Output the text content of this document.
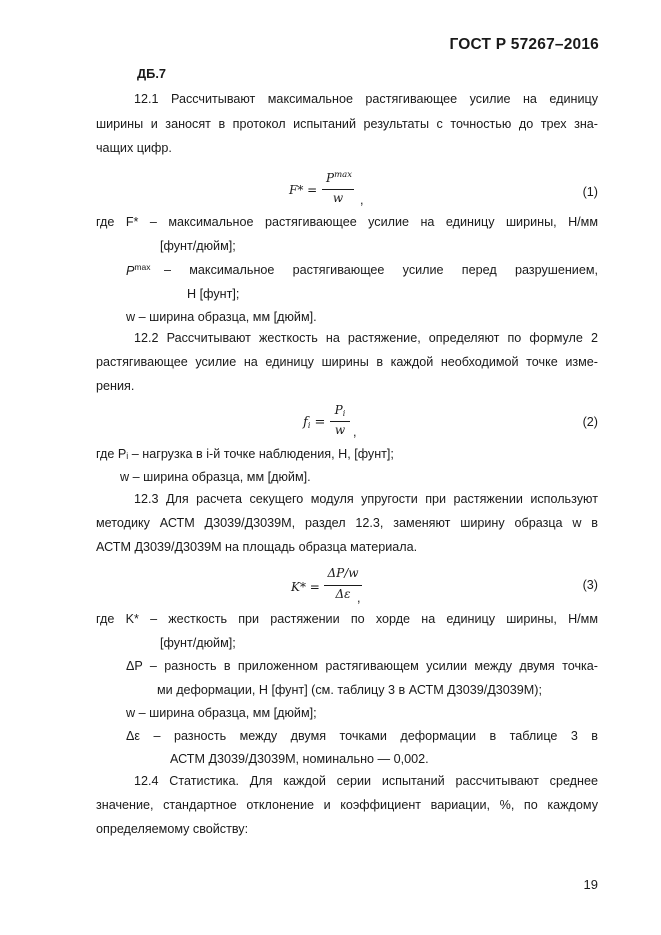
ГОСТ Р 57267–2016
ДБ.7
12.1 Рассчитывают максимальное растягивающее усилие на единицу
ширины и заносят в протокол испытаний результаты с точностью до трех зна-
чащих цифр.
F* =
$P^{max}$
w	,
(1)
где F* – максимальное растягивающее усилие на единицу ширины, Н/мм
[фунт/дюйм];
$P^{max}$ – максимальное растягивающее усилие перед разрушением,
Н [фунт];
w – ширина образца, мм [дюйм].
12.2 Рассчитывают жесткость на растяжение, определяют по формуле 2
растягивающее усилие на единицу ширины в каждой необходимой точке изме-
рения.
$f_i$ =
$P_i$
w ,
(2)
где Pᵢ – нагрузка в i-й точке наблюдения, Н, [фунт];
w – ширина образца, мм [дюйм].
12.3 Для расчета секущего модуля упругости при растяжении используют
методику АСТМ Д3039/Д3039М, раздел 12.3, заменяют ширину образца w в
АСТМ Д3039/Д3039М на площадь образца материала.
K* =
ΔP/w
Δε ,
(3)
где K* – жесткость при растяжении по хорде на единицу ширины, Н/мм
[фунт/дюйм];
ΔP – разность в приложенном растягивающем усилии между двумя точка-
ми деформации, Н [фунт] (см. таблицу 3 в АСТМ Д3039/Д3039М);
w – ширина образца, мм [дюйм];
Δε – разность между двумя точками деформации в таблице 3 в
АСТМ Д3039/Д3039М, номинально — 0,002.
12.4 Статистика. Для каждой серии испытаний рассчитывают среднее
значение, стандартное отклонение и коэффициент вариации, %, по каждому
определяемому свойству:
19
